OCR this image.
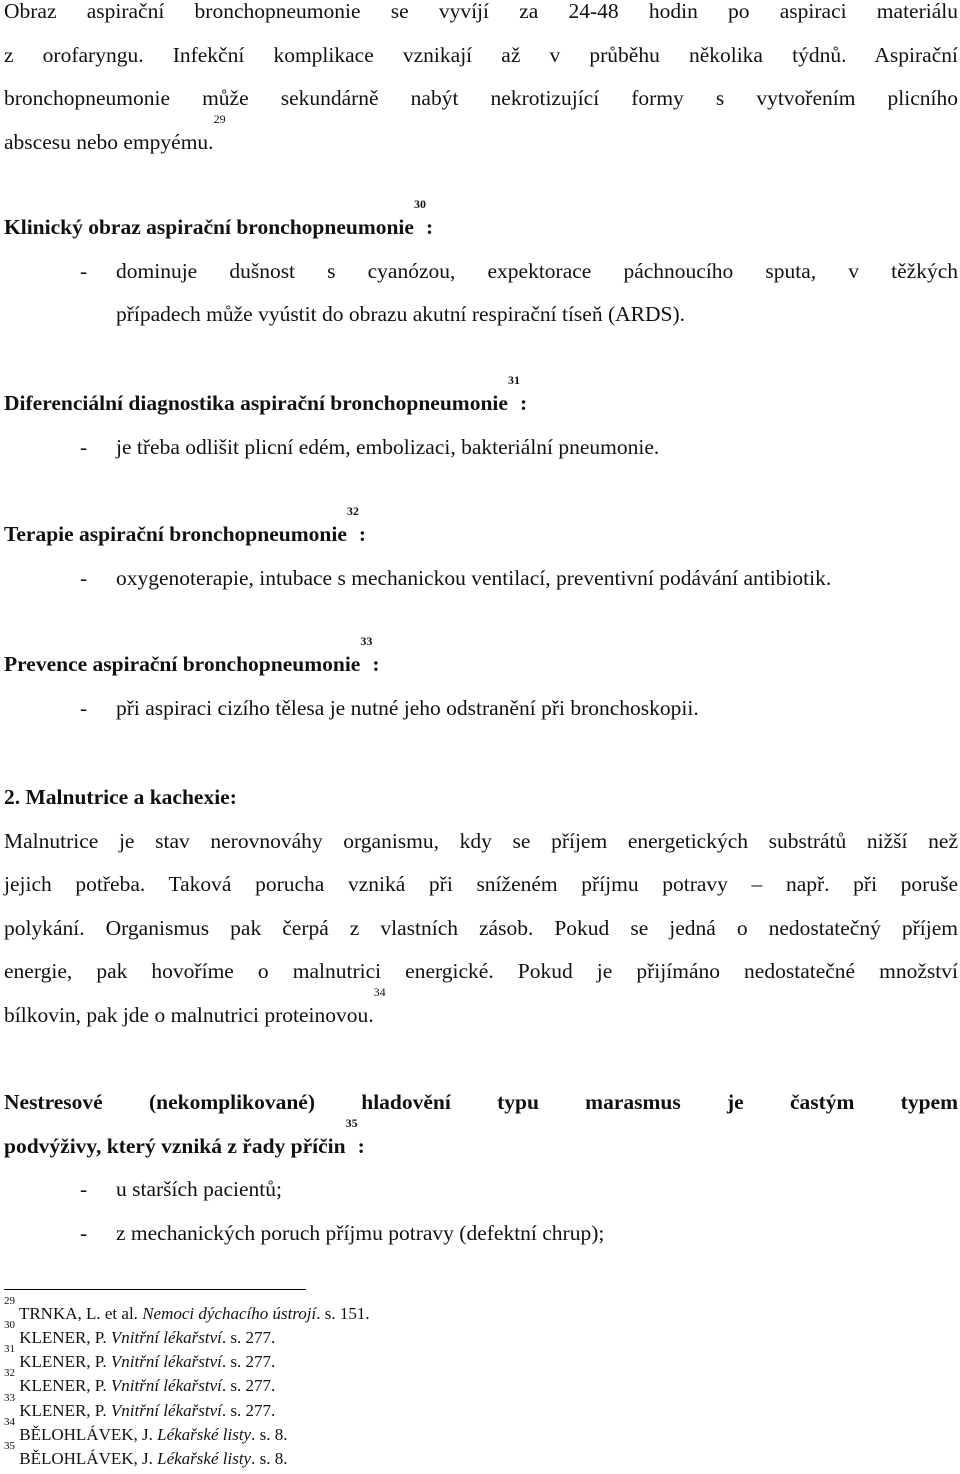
Obraz aspirační bronchopneumonie se vyvíjí za 24-48 hodin po aspiraci materiálu

z orofaryngu. Infekční komplikace vznikají až v průběhu několika týdnů. Aspirační

bronchopneumonie může sekundárně nabýt nekrotizující formy s vytvořením plicního

abscesu nebo empyému.$^{29}$

Klinický obraz aspirační bronchopneumonie$^{30}$:

- dominuje dušnost s cyanózou, expektorace páchnoucího sputa, v těžkých

případech může vyústit do obrazu akutní respirační tíseň (ARDS).

Diferenciální diagnostika aspirační bronchopneumonie$^{31}$:

- je třeba odlišit plicní edém, embolizaci, bakteriální pneumonie.

Terapie aspirační bronchopneumonie$^{32}$:

- oxygenoterapie, intubace s mechanickou ventilací, preventivní podávání antibiotik.

Prevence aspirační bronchopneumonie$^{33}$:

- při aspiraci cizího tělesa je nutné jeho odstranění při bronchoskopii.

2. Malnutrice a kachexie:

Malnutrice je stav nerovnováhy organismu, kdy se příjem energetických substrátů nižší než

jejich potřeba. Taková porucha vzniká při sníženém příjmu potravy – např. při poruše

polykání. Organismus pak čerpá z vlastních zásob. Pokud se jedná o nedostatečný příjem

energie, pak hovoříme o malnutrici energické. Pokud je přijímáno nedostatečné množství

bílkovin, pak jde o malnutrici proteinovou.$^{34}$

Nestresové (nekomplikované) hladovění typu marasmus je častým typem

podvýživy, který vzniká z řady příčin$^{35}$:

- u starších pacientů;

- z mechanických poruch příjmu potravy (defektní chrup);

$^{29}$ TRNKA, L. et al. Nemoci dýchacího ústrojí. s. 151.
$^{30}$ KLENER, P. Vnitřní lékařství. s. 277.
$^{31}$ KLENER, P. Vnitřní lékařství. s. 277.
$^{32}$ KLENER, P. Vnitřní lékařství. s. 277.
$^{33}$ KLENER, P. Vnitřní lékařství. s. 277.
$^{34}$ BĚLOHLÁVEK, J. Lékařské listy. s. 8.
$^{35}$ BĚLOHLÁVEK, J. Lékařské listy. s. 8.
